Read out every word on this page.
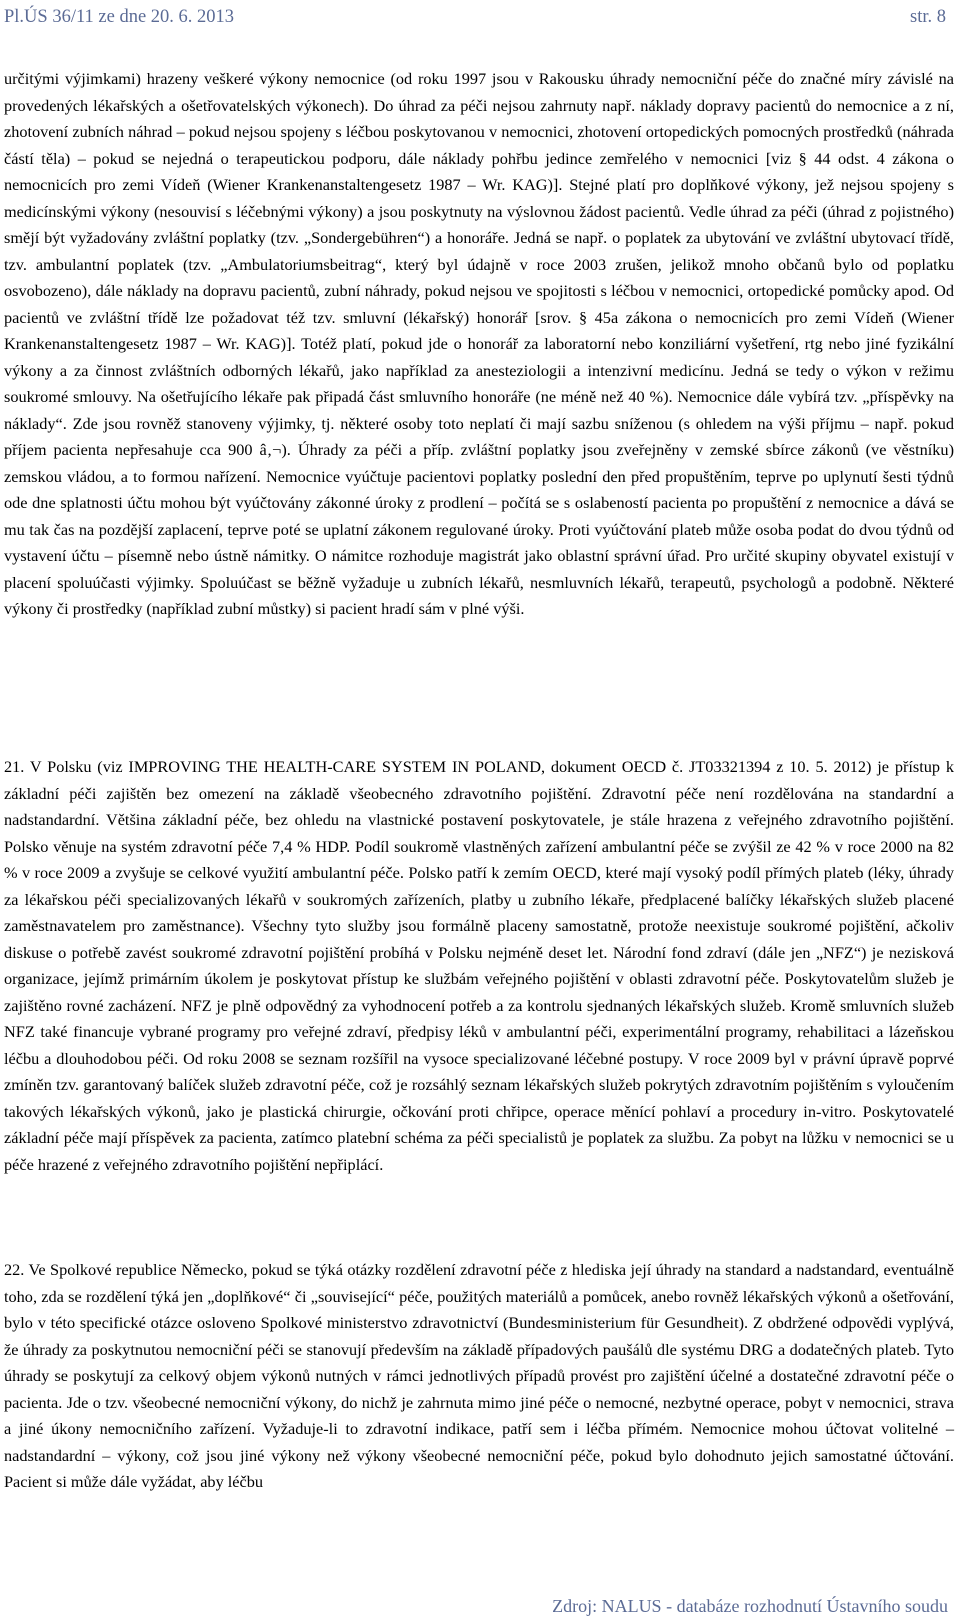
Pl.ÚS 36/11 ze dne 20. 6. 2013	str. 8

určitými výjimkami) hrazeny veškeré výkony nemocnice (od roku 1997 jsou v Rakousku úhrady nemocniční péče do značné míry závislé na provedených lékařských a ošetřovatelských výkonech). Do úhrad za péči nejsou zahrnuty např. náklady dopravy pacientů do nemocnice a z ní, zhotovení zubních náhrad – pokud nejsou spojeny s léčbou poskytovanou v nemocnici, zhotovení ortopedických pomocných prostředků (náhrada částí těla) – pokud se nejedná o terapeutickou podporu, dále náklady pohřbu jedince zemřelého v nemocnici [viz § 44 odst. 4 zákona o nemocnicích pro zemi Vídeň (Wiener Krankenanstaltengesetz 1987 – Wr. KAG)]. Stejné platí pro doplňkové výkony, jež nejsou spojeny s medicínskými výkony (nesouvisí s léčebnými výkony) a jsou poskytnuty na výslovnou žádost pacientů. Vedle úhrad za péči (úhrad z pojistného) smějí být vyžadovány zvláštní poplatky (tzv. „Sondergebühren“) a honoráře. Jedná se např. o poplatek za ubytování ve zvláštní ubytovací třídě, tzv. ambulantní poplatek (tzv. „Ambulatoriumsbeitrag“, který byl údajně v roce 2003 zrušen, jelikož mnoho občanů bylo od poplatku osvobozeno), dále náklady na dopravu pacientů, zubní náhrady, pokud nejsou ve spojitosti s léčbou v nemocnici, ortopedické pomůcky apod. Od pacientů ve zvláštní třídě lze požadovat též tzv. smluvní (lékařský) honorář [srov. § 45a zákona o nemocnicích pro zemi Vídeň (Wiener Krankenanstaltengesetz 1987 – Wr. KAG)]. Totéž platí, pokud jde o honorář za laboratorní nebo konziliární vyšetření, rtg nebo jiné fyzikální výkony a za činnost zvláštních odborných lékařů, jako například za anesteziologii a intenzivní medicínu. Jedná se tedy o výkon v režimu soukromé smlouvy. Na ošetřujícího lékaře pak připadá část smluvního honoráře (ne méně než 40 %). Nemocnice dále vybírá tzv. „příspěvky na náklady“. Zde jsou rovněž stanoveny výjimky, tj. některé osoby toto neplatí či mají sazbu sníženou (s ohledem na výši příjmu – např. pokud příjem pacienta nepřesahuje cca 900 â‚¬). Úhrady za péči a příp. zvláštní poplatky jsou zveřejněny v zemské sbírce zákonů (ve věstníku) zemskou vládou, a to formou nařízení. Nemocnice vyúčtuje pacientovi poplatky poslední den před propuštěním, teprve po uplynutí šesti týdnů ode dne splatnosti účtu mohou být vyúčtovány zákonné úroky z prodlení – počítá se s oslabeností pacienta po propuštění z nemocnice a dává se mu tak čas na pozdější zaplacení, teprve poté se uplatní zákonem regulované úroky. Proti vyúčtování plateb může osoba podat do dvou týdnů od vystavení účtu – písemně nebo ústně námitky. O námitce rozhoduje magistrát jako oblastní správní úřad. Pro určité skupiny obyvatel existují v placení spoluúčasti výjimky. Spoluúčast se běžně vyžaduje u zubních lékařů, nesmluvních lékařů, terapeutů, psychologů a podobně. Některé výkony či prostředky (například zubní můstky) si pacient hradí sám v plné výši.

21. V Polsku (viz IMPROVING THE HEALTH-CARE SYSTEM IN POLAND, dokument OECD č. JT03321394 z 10. 5. 2012) je přístup k základní péči zajištěn bez omezení na základě všeobecného zdravotního pojištění. Zdravotní péče není rozdělována na standardní a nadstandardní. Většina základní péče, bez ohledu na vlastnické postavení poskytovatele, je stále hrazena z veřejného zdravotního pojištění. Polsko věnuje na systém zdravotní péče 7,4 % HDP. Podíl soukromě vlastněných zařízení ambulantní péče se zvýšil ze 42 % v roce 2000 na 82 % v roce 2009 a zvyšuje se celkové využití ambulantní péče. Polsko patří k zemím OECD, které mají vysoký podíl přímých plateb (léky, úhrady za lékařskou péči specializovaných lékařů v soukromých zařízeních, platby u zubního lékaře, předplacené balíčky lékařských služeb placené zaměstnavatelem pro zaměstnance). Všechny tyto služby jsou formálně placeny samostatně, protože neexistuje soukromé pojištění, ačkoliv diskuse o potřebě zavést soukromé zdravotní pojištění probíhá v Polsku nejméně deset let. Národní fond zdraví (dále jen „NFZ“) je nezisková organizace, jejímž primárním úkolem je poskytovat přístup ke službám veřejného pojištění v oblasti zdravotní péče. Poskytovatelům služeb je zajištěno rovné zacházení. NFZ je plně odpovědný za vyhodnocení potřeb a za kontrolu sjednaných lékařských služeb. Kromě smluvních služeb NFZ také financuje vybrané programy pro veřejné zdraví, předpisy léků v ambulantní péči, experimentální programy, rehabilitaci a lázeňskou léčbu a dlouhodobou péči. Od roku 2008 se seznam rozšířil na vysoce specializované léčebné postupy. V roce 2009 byl v právní úpravě poprvé zmíněn tzv. garantovaný balíček služeb zdravotní péče, což je rozsáhlý seznam lékařských služeb pokrytých zdravotním pojištěním s vyloučením takových lékařských výkonů, jako je plastická chirurgie, očkování proti chřipce, operace měnící pohlaví a procedury in-vitro. Poskytovatelé základní péče mají příspěvek za pacienta, zatímco platební schéma za péči specialistů je poplatek za službu. Za pobyt na lůžku v nemocnici se u péče hrazené z veřejného zdravotního pojištění nepřiplácí.

22. Ve Spolkové republice Německo, pokud se týká otázky rozdělení zdravotní péče z hlediska její úhrady na standard a nadstandard, eventuálně toho, zda se rozdělení týká jen „doplňkové“ či „související“ péče, použitých materiálů a pomůcek, anebo rovněž lékařských výkonů a ošetřování, bylo v této specifické otázce osloveno Spolkové ministerstvo zdravotnictví (Bundesministerium für Gesundheit). Z obdržené odpovědi vyplývá, že úhrady za poskytnutou nemocniční péči se stanovují především na základě případových paušálů dle systému DRG a dodatečných plateb. Tyto úhrady se poskytují za celkový objem výkonů nutných v rámci jednotlivých případů provést pro zajištění účelné a dostatečné zdravotní péče o pacienta. Jde o tzv. všeobecné nemocniční výkony, do nichž je zahrnuta mimo jiné péče o nemocné, nezbytné operace, pobyt v nemocnici, strava a jiné úkony nemocničního zařízení. Vyžaduje-li to zdravotní indikace, patří sem i léčba přímém. Nemocnice mohou účtovat volitelné – nadstandardní – výkony, což jsou jiné výkony než výkony všeobecné nemocniční péče, pokud bylo dohodnuto jejich samostatné účtování. Pacient si může dále vyžádat, aby léčbu

Zdroj: NALUS - databáze rozhodnutí Ústavního soudu
